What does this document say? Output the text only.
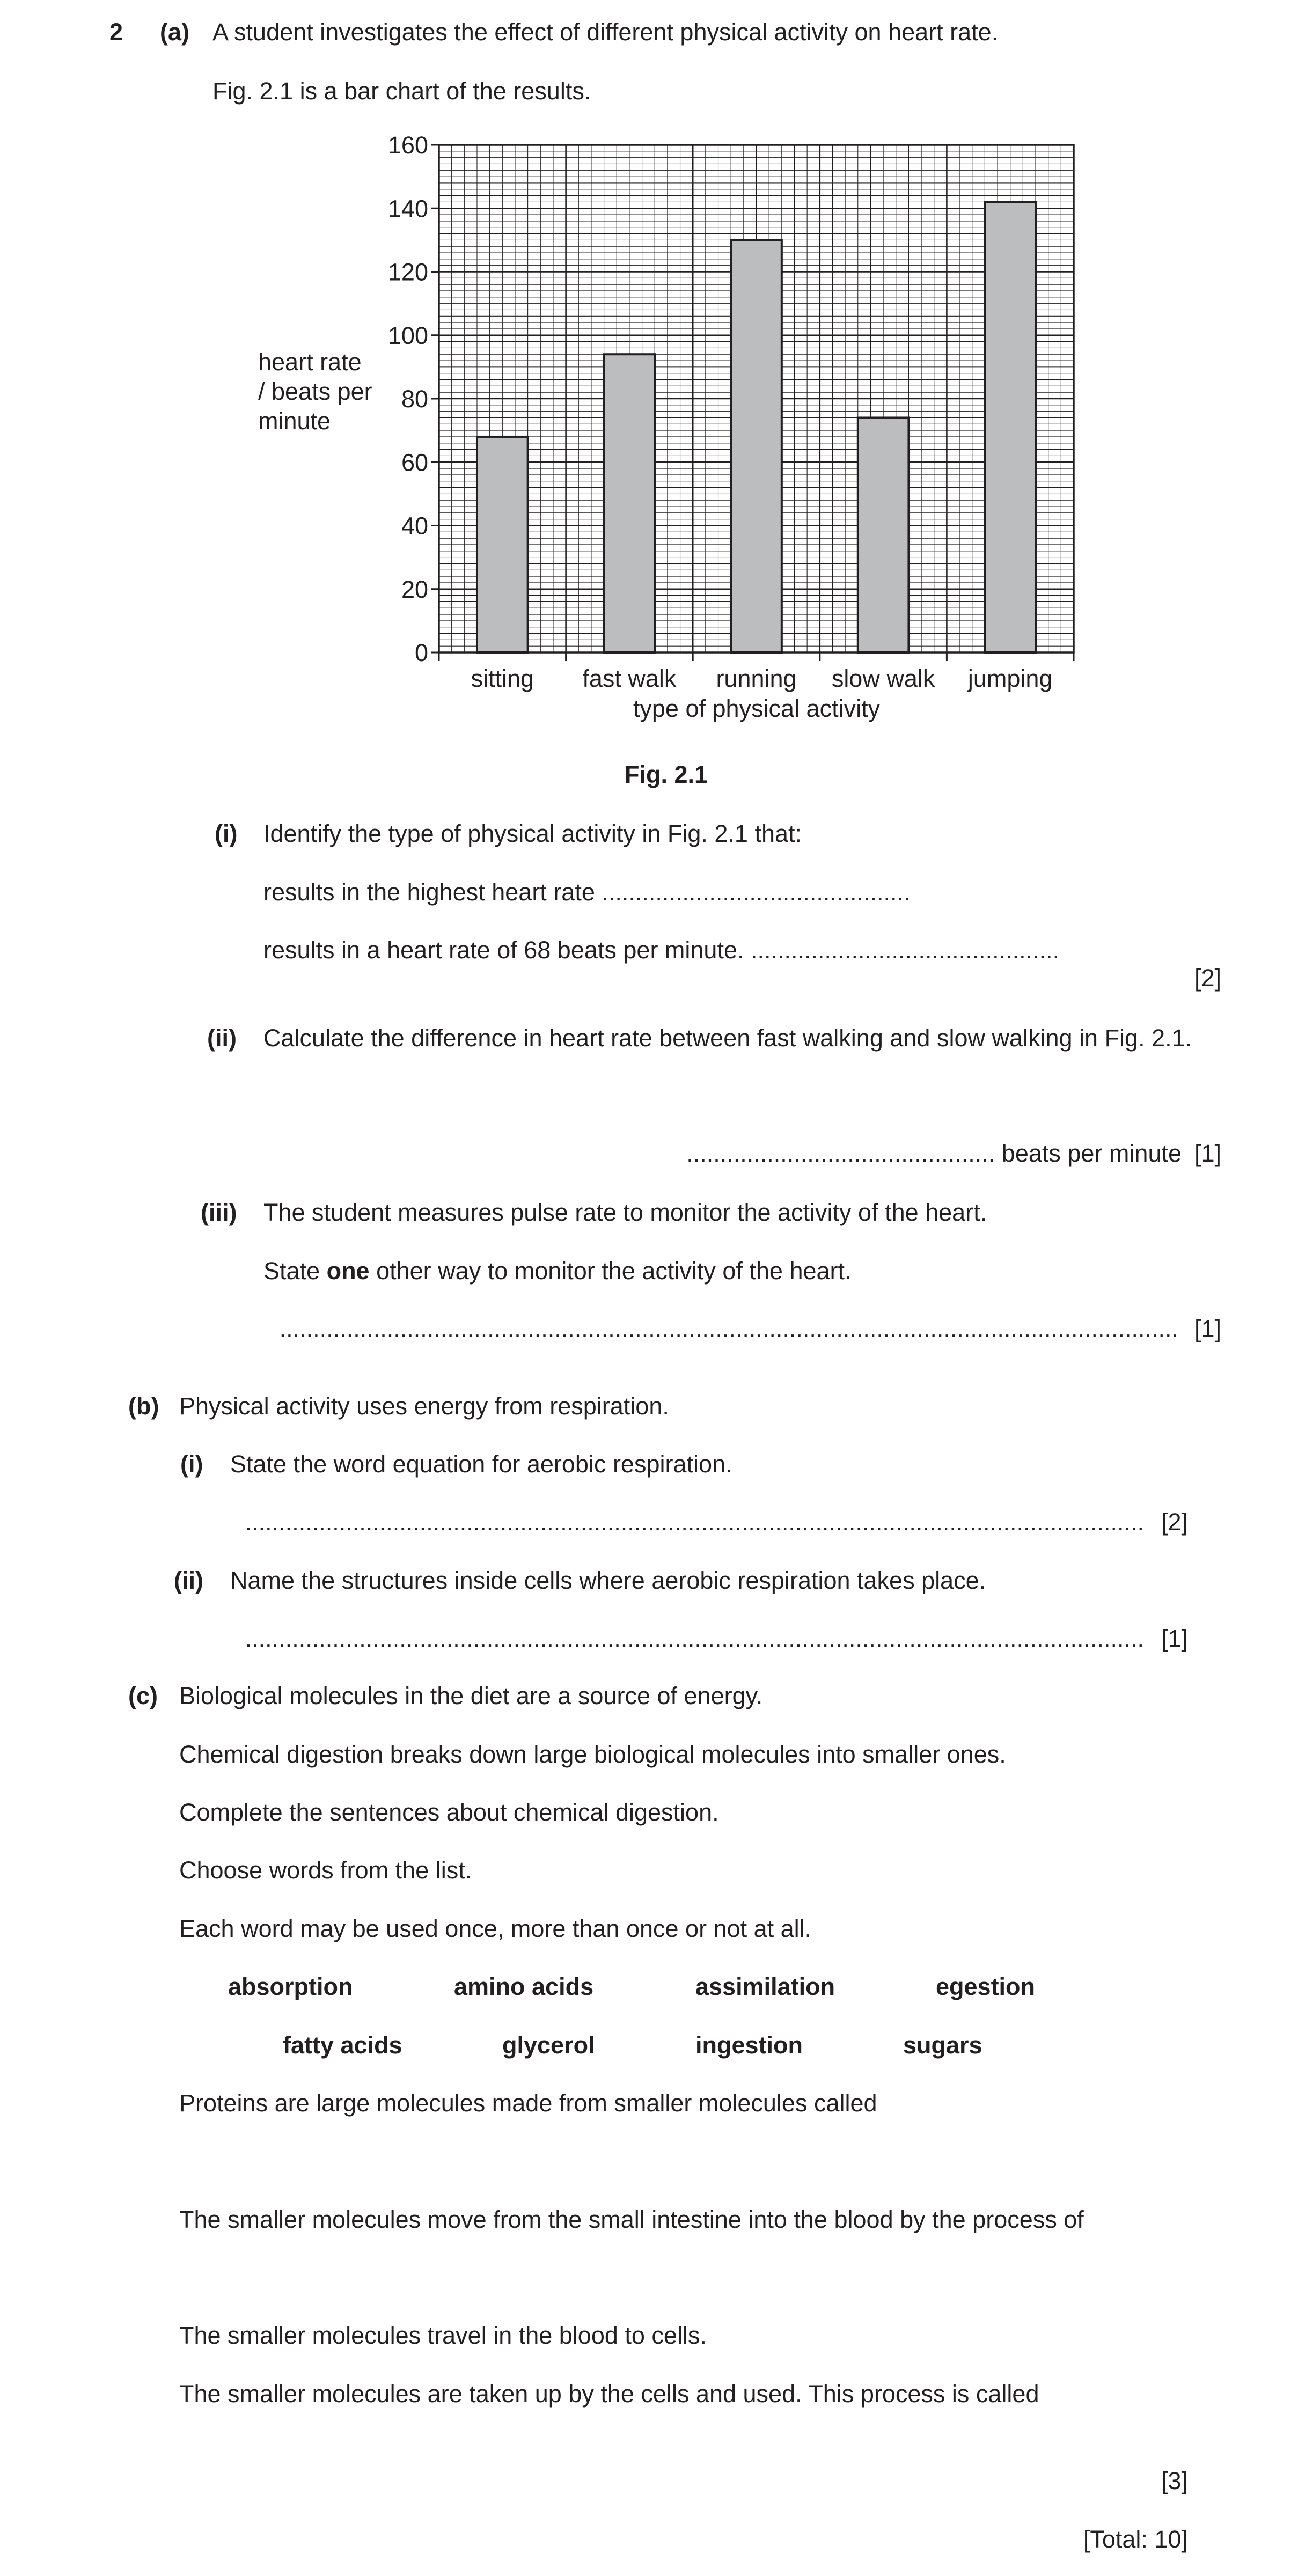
0
20
40
60
80
100
120
140
160
sitting fast walk running slow walk jumping
heart rate
/ beats per
minute
type of physical activity
2 (a) A student investigates the effect of different physical activity on heart rate.
Fig. 2.1 is a bar chart of the results.
Fig. 2.1
(i) Identify the type of physical activity in Fig. 2.1 that:
results in the highest heart rate ..............................................
results in a heart rate of 68 beats per minute. ..............................................
[2]
(ii) Calculate the difference in heart rate between fast walking and slow walking in Fig. 2.1.
.............................................. beats per minute [1]
(iii) The student measures pulse rate to monitor the activity of the heart.
State one other way to monitor the activity of the heart.
...................................................................................................................................... [1]
(b) Physical activity uses energy from respiration.
(i) State the word equation for aerobic respiration.
...................................................................................................................................... [2]
(ii) Name the structures inside cells where aerobic respiration takes place.
...................................................................................................................................... [1]
(c) Biological molecules in the diet are a source of energy.
Chemical digestion breaks down large biological molecules into smaller ones.
Complete the sentences about chemical digestion.
Choose words from the list.
Each word may be used once, more than once or not at all.
absorption	amino acids	assimilation	egestion
fatty acids	glycerol	ingestion	sugars
Proteins are large molecules made from smaller molecules called
The smaller molecules move from the small intestine into the blood by the process of
The smaller molecules travel in the blood to cells.
The smaller molecules are taken up by the cells and used. This process is called
[3]
[Total: 10]
